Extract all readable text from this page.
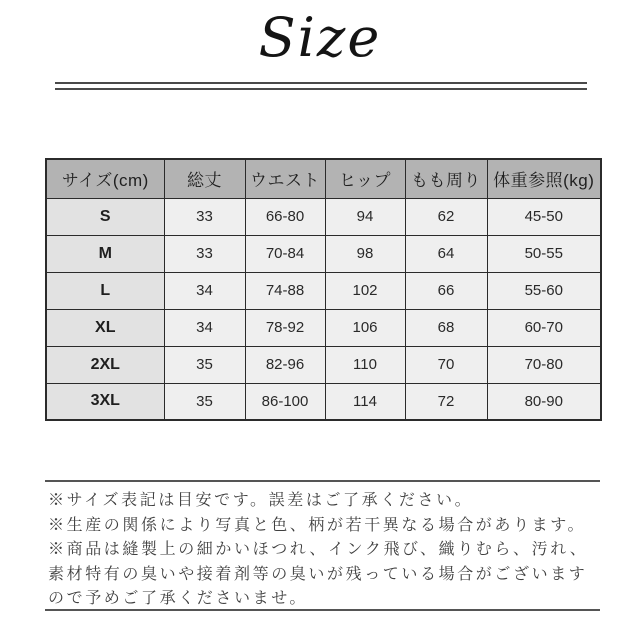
Size
サイズ(cm)	総丈	ウエスト	ヒップ	もも周り	体重参照(kg)
S	33	66-80	94	62	45-50
M	33	70-84	98	64	50-55
L	34	74-88	102	66	55-60
XL	34	78-92	106	68	60-70
2XL	35	82-96	110	70	70-80
3XL	35	86-100	114	72	80-90
※サイズ表記は目安です。誤差はご了承ください。
※生産の関係により写真と色、柄が若干異なる場合があります。
※商品は縫製上の細かいほつれ、インク飛び、織りむら、汚れ、
素材特有の臭いや接着剤等の臭いが残っている場合がございます
ので予めご了承くださいませ。
